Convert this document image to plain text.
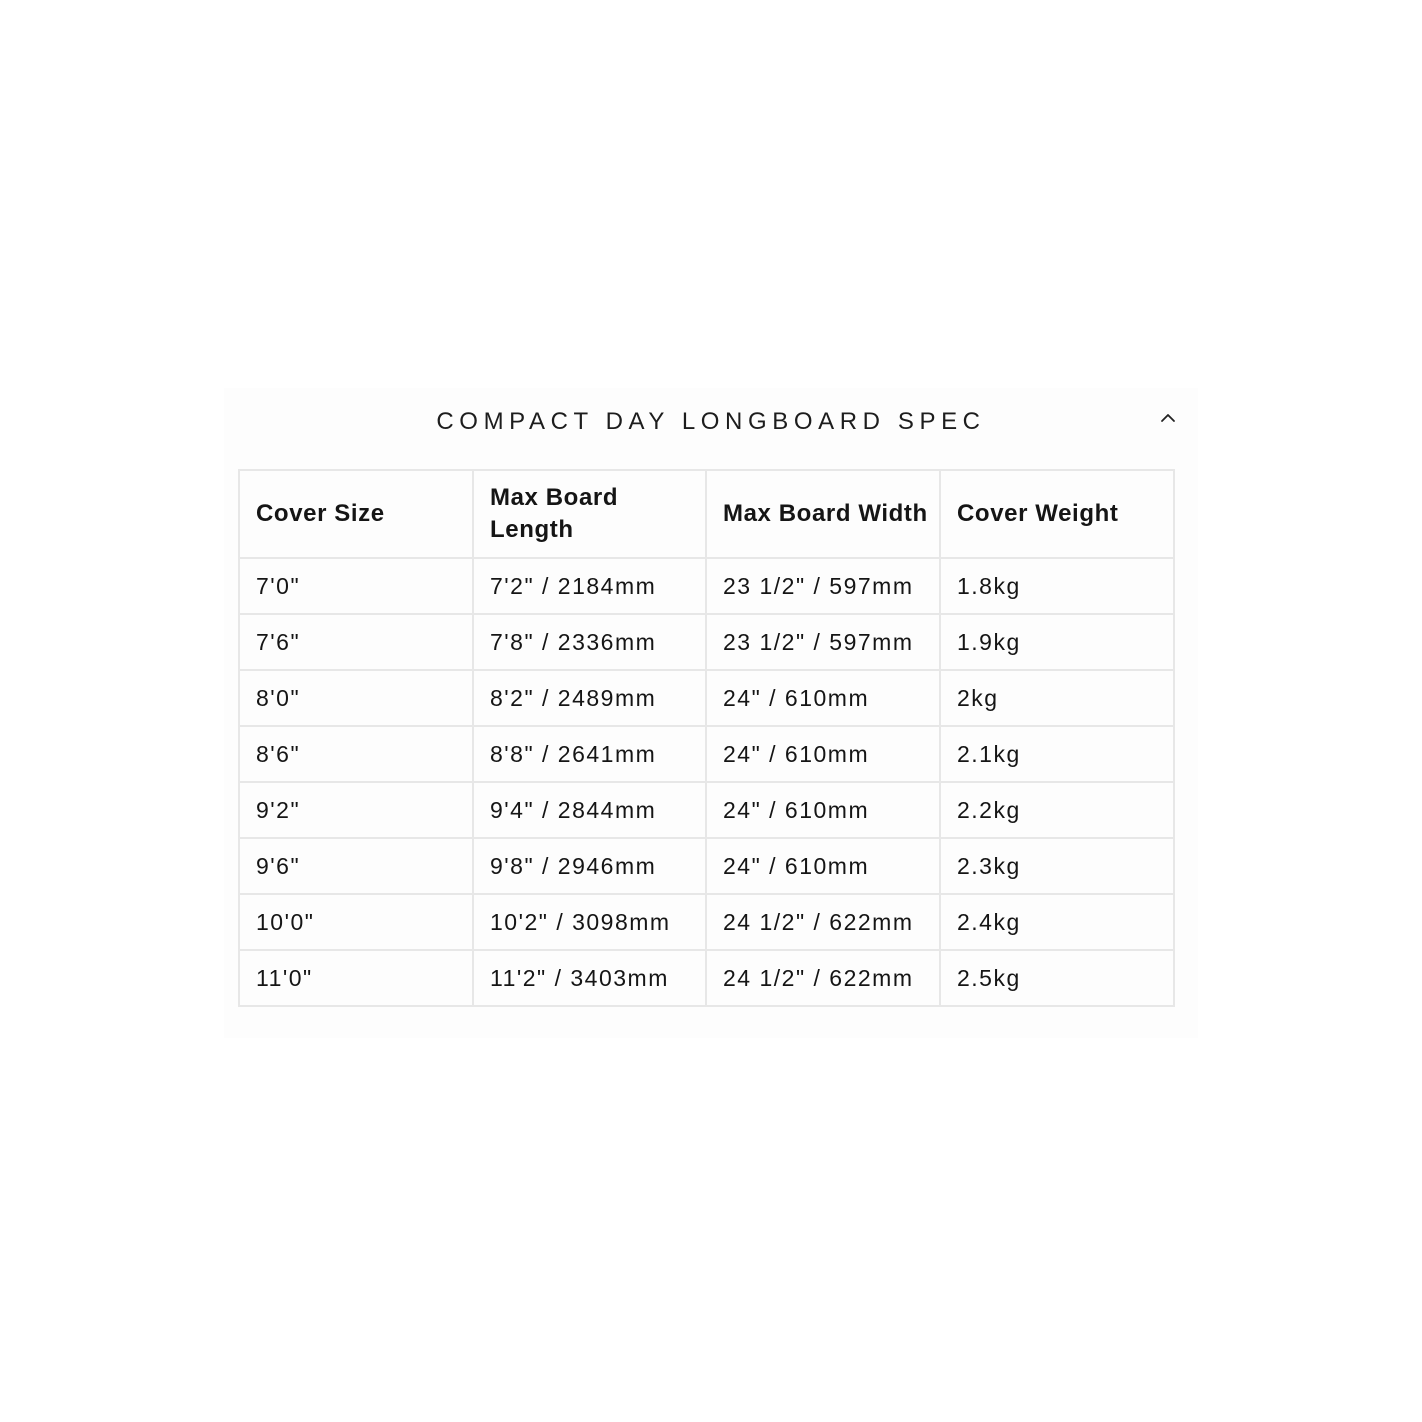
COMPACT DAY LONGBOARD SPEC
Cover Size	Max Board Length	Max Board Width	Cover Weight
7'0"	7'2" / 2184mm	23 1/2" / 597mm	1.8kg
7'6"	7'8" / 2336mm	23 1/2" / 597mm	1.9kg
8'0"	8'2" / 2489mm	24" / 610mm	2kg
8'6"	8'8" / 2641mm	24" / 610mm	2.1kg
9'2"	9'4" / 2844mm	24" / 610mm	2.2kg
9'6"	9'8" / 2946mm	24" / 610mm	2.3kg
10'0"	10'2" / 3098mm	24 1/2" / 622mm	2.4kg
11'0"	11'2" / 3403mm	24 1/2" / 622mm	2.5kg
